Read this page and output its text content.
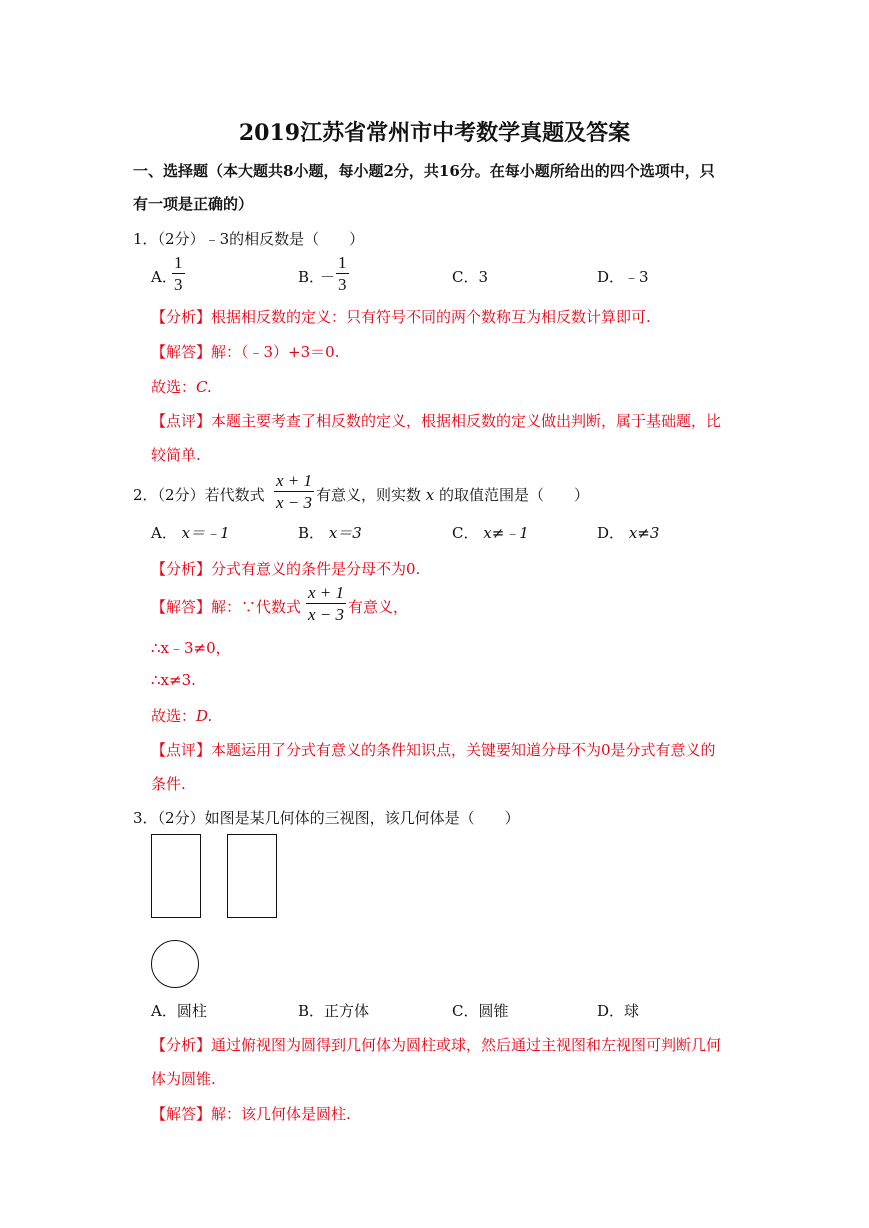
2019江苏省常州市中考数学真题及答案
一、选择题（本大题共8小题，每小题2分，共16分。在每小题所给出的四个选项中，只
有一项是正确的）
1．（2分）﹣3的相反数是（　　）
A．
$\frac{1}{3}$	B．
－ $\frac{1}{3}$	C．3	D．﹣3
【分析】根据相反数的定义：只有符号不同的两个数称互为相反数计算即可.
【解答】解：（﹣3）+3＝0.
故选：C.
【点评】本题主要考查了相反数的定义，根据相反数的定义做出判断，属于基础题，比
较简单.
2．（2分）若代数式 $\frac{x + 1}{x - 3}$ 有意义，则实数 x 的取值范围是（　　）
A． x＝﹣1	B． x＝3	C． x≠﹣1	D． x≠3
【分析】分式有意义的条件是分母不为0.
【解答】解：∵代数式 $\frac{x + 1}{x - 3}$ 有意义，
∴x﹣3≠0，
∴x≠3.
故选：D.
【点评】本题运用了分式有意义的条件知识点，关键要知道分母不为0是分式有意义的
条件.
3．（2分）如图是某几何体的三视图，该几何体是（　　）
A．圆柱	B．正方体	C．圆锥	D．球
【分析】通过俯视图为圆得到几何体为圆柱或球，然后通过主视图和左视图可判断几何
体为圆锥.
【解答】解：该几何体是圆柱.
